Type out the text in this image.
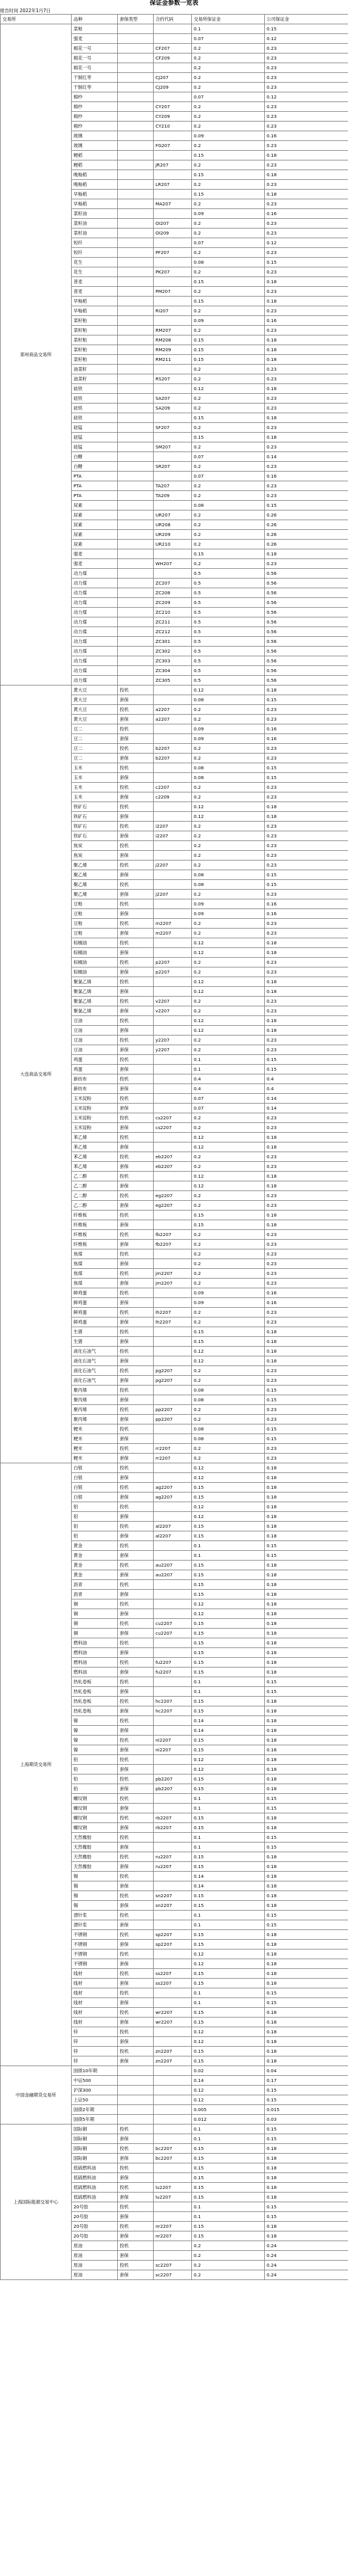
保证金参数一览表
报告时间 2022年1月7日
交易所	品种	套保类型	合约代码	交易所保证金	公司保证金
郑州商品交易所	菜粕			0.1	0.15
	强麦			0.07	0.12
	棉花一号		CF207	0.2	0.23
	棉花一号		CF209	0.2	0.23
	棉花一号			0.2	0.23
	干制红枣		CJ207	0.2	0.23
	干制红枣		CJ209	0.2	0.23
	棉纱			0.07	0.12
	棉纱		CY207	0.2	0.23
	棉纱		CY209	0.2	0.23
	棉纱		CY210	0.2	0.23
	玻璃			0.09	0.16
	玻璃		FG207	0.2	0.23
	粳稻			0.15	0.18
	粳稻		JR207	0.2	0.23
	晚籼稻			0.15	0.18
	晚籼稻		LR207	0.2	0.23
	早籼稻			0.15	0.18
	早籼稻		MA207	0.2	0.23
	菜籽油			0.09	0.16
	菜籽油		OI207	0.2	0.23
	菜籽油		OI209	0.2	0.23
	短纤			0.07	0.12
	短纤		PF207	0.2	0.23
	花生			0.08	0.15
	花生		PK207	0.2	0.23
	普麦			0.15	0.18
	普麦		PM207	0.2	0.23
	早籼稻			0.15	0.18
	早籼稻		RI207	0.2	0.23
	菜籽粕			0.09	0.16
	菜籽粕		RM207	0.2	0.23
	菜籽粕		RM208	0.15	0.18
	菜籽粕		RM209	0.15	0.18
	菜籽粕		RM211	0.15	0.18
	油菜籽			0.2	0.23
	油菜籽		RS207	0.2	0.23
	硅铁			0.12	0.18
	硅铁		SA207	0.2	0.23
	硅铁		SA209	0.2	0.23
	硅铁			0.15	0.18
	硅锰		SF207	0.2	0.23
	硅锰			0.15	0.18
	硅锰		SM207	0.2	0.23
	白糖			0.07	0.14
	白糖		SR207	0.2	0.23
	PTA			0.07	0.16
	PTA		TA207	0.2	0.23
	PTA		TA209	0.2	0.23
	尿素			0.08	0.15
	尿素		UR207	0.2	0.26
	尿素		UR208	0.2	0.26
	尿素		UR209	0.2	0.26
	尿素		UR210	0.2	0.26
	强麦			0.15	0.18
	强麦		WH207	0.2	0.23
	动力煤			0.5	0.56
	动力煤		ZC207	0.5	0.56
	动力煤		ZC208	0.5	0.56
	动力煤		ZC209	0.5	0.56
	动力煤		ZC210	0.5	0.56
	动力煤		ZC211	0.5	0.56
	动力煤		ZC212	0.5	0.56
	动力煤		ZC301	0.5	0.56
	动力煤		ZC302	0.5	0.56
	动力煤		ZC303	0.5	0.56
	动力煤		ZC304	0.5	0.56
	动力煤		ZC305	0.5	0.56
大连商品交易所	黄大豆	投机		0.12	0.18
	黄大豆	套保		0.08	0.15
	黄大豆	投机	a2207	0.2	0.23
	黄大豆	套保	a2207	0.2	0.23
	豆二	投机		0.09	0.16
	豆二	套保		0.09	0.16
	豆二	投机	b2207	0.2	0.23
	豆二	套保	b2207	0.2	0.23
	玉米	投机		0.08	0.15
	玉米	套保		0.08	0.15
	玉米	投机	c2207	0.2	0.23
	玉米	套保	c2209	0.2	0.23
	铁矿石	投机		0.12	0.18
	铁矿石	套保		0.12	0.18
	铁矿石	投机	i2207	0.2	0.23
	铁矿石	套保	i2207	0.2	0.23
	焦炭	投机		0.2	0.23
	焦炭	套保		0.2	0.23
	聚乙烯	投机	j2207	0.2	0.23
	聚乙烯	套保		0.08	0.15
	聚乙烯	投机		0.08	0.15
	聚乙烯	套保	j2207	0.2	0.23
	豆粕	投机		0.09	0.16
	豆粕	套保		0.09	0.16
	豆粕	投机	m2207	0.2	0.23
	豆粕	套保	m2207	0.2	0.23
	棕榈油	投机		0.12	0.18
	棕榈油	套保		0.12	0.18
	棕榈油	投机	p2207	0.2	0.23
	棕榈油	套保	p2207	0.2	0.23
	聚氯乙烯	投机		0.12	0.18
	聚氯乙烯	套保		0.12	0.18
	聚氯乙烯	投机	v2207	0.2	0.23
	聚氯乙烯	套保	v2207	0.2	0.23
	豆油	投机		0.12	0.18
	豆油	套保		0.12	0.18
	豆油	投机	y2207	0.2	0.23
	豆油	套保	y2207	0.2	0.23
	鸡蛋	投机		0.1	0.15
	鸡蛋	套保		0.1	0.15
	新纺布	投机		0.4	0.4
	新纺布	套保		0.4	0.4
	玉米淀粉	投机		0.07	0.14
	玉米淀粉	套保		0.07	0.14
	玉米淀粉	投机	cs2207	0.2	0.23
	玉米淀粉	套保	cs2207	0.2	0.23
	苯乙烯	投机		0.12	0.18
	苯乙烯	套保		0.12	0.18
	苯乙烯	投机	eb2207	0.2	0.23
	苯乙烯	套保	eb2207	0.2	0.23
	乙二醇	投机		0.12	0.18
	乙二醇	套保		0.12	0.18
	乙二醇	投机	eg2207	0.2	0.23
	乙二醇	套保	eg2207	0.2	0.23
	纤维板	投机		0.15	0.18
	纤维板	套保		0.15	0.18
	纤维板	投机	fb2207	0.2	0.23
	纤维板	套保	fb2207	0.2	0.23
	焦煤	投机		0.2	0.23
	焦煤	套保		0.2	0.23
	焦煤	投机	jm2207	0.2	0.23
	焦煤	套保	jm2207	0.2	0.23
	鲜鸡蛋	投机		0.09	0.16
	鲜鸡蛋	套保		0.09	0.16
	鲜鸡蛋	投机	lh2207	0.2	0.23
	鲜鸡蛋	套保	lh2207	0.2	0.23
	生猪	投机		0.15	0.18
	生猪	套保		0.15	0.18
	液化石油气	投机		0.12	0.18
	液化石油气	套保		0.12	0.18
	液化石油气	投机	pg2207	0.2	0.23
	液化石油气	套保	pg2207	0.2	0.23
	聚丙烯	投机		0.08	0.15
	聚丙烯	套保		0.08	0.15
	聚丙烯	投机	pp2207	0.2	0.23
	聚丙烯	套保	pp2207	0.2	0.23
	粳米	投机		0.08	0.15
	粳米	套保		0.08	0.15
	粳米	投机	rr2207	0.2	0.23
	粳米	套保	rr2207	0.2	0.23
上海期货交易所	白银	投机		0.12	0.18
	白银	套保		0.12	0.18
	白银	投机	ag2207	0.15	0.18
	白银	套保	ag2207	0.15	0.18
	铝	投机		0.12	0.18
	铝	套保		0.12	0.18
	铝	投机	al2207	0.15	0.18
	铝	套保	al2207	0.15	0.18
	黄金	投机		0.1	0.15
	黄金	套保		0.1	0.15
	黄金	投机	au2207	0.15	0.18
	黄金	套保	au2207	0.15	0.18
	沥青	投机		0.15	0.18
	沥青	套保		0.15	0.18
	铜	投机		0.12	0.18
	铜	套保		0.12	0.18
	铜	投机	cu2207	0.15	0.18
	铜	套保	cu2207	0.15	0.18
	燃料油	投机		0.15	0.18
	燃料油	套保		0.15	0.18
	燃料油	投机	fu2207	0.15	0.18
	燃料油	套保	fu2207	0.15	0.18
	热轧卷板	投机		0.1	0.15
	热轧卷板	套保		0.1	0.15
	热轧卷板	投机	hc2207	0.15	0.18
	热轧卷板	套保	hc2207	0.15	0.18
	镍	投机		0.14	0.18
	镍	套保		0.14	0.18
	镍	投机	ni2207	0.15	0.18
	镍	套保	ni2207	0.15	0.18
	铅	投机		0.12	0.18
	铅	套保		0.12	0.18
	铅	投机	pb2207	0.15	0.18
	铅	套保	pb2207	0.15	0.18
	螺纹钢	投机		0.1	0.15
	螺纹钢	套保		0.1	0.15
	螺纹钢	投机	rb2207	0.15	0.18
	螺纹钢	套保	rb2207	0.15	0.18
	天然橡胶	投机		0.1	0.15
	天然橡胶	套保		0.1	0.15
	天然橡胶	投机	ru2207	0.15	0.18
	天然橡胶	套保	ru2207	0.15	0.18
	锡	投机		0.14	0.18
	锡	套保		0.14	0.18
	锡	投机	sn2207	0.15	0.18
	锡	套保	sn2207	0.15	0.18
	漂针浆	投机		0.1	0.15
	漂针浆	套保		0.1	0.15
	不锈钢	投机	sp2207	0.15	0.18
	不锈钢	套保	sp2207	0.15	0.18
	不锈钢	投机		0.12	0.18
	不锈钢	套保		0.12	0.18
	线材	投机	ss2207	0.15	0.18
	线材	套保	ss2207	0.15	0.18
	线材	投机		0.1	0.15
	线材	套保		0.1	0.15
	线材	投机	wr2207	0.15	0.18
	线材	套保	wr2207	0.15	0.18
	锌	投机		0.12	0.18
	锌	套保		0.12	0.18
	锌	投机	zn2207	0.15	0.18
	锌	套保	zn2207	0.15	0.18
中国金融期货交易所	国债10年期			0.02	0.04
	中证500			0.14	0.17
	沪深300			0.12	0.15
	上证50			0.12	0.15
	国债2年期			0.005	0.015
	国债5年期			0.012	0.03
上海国际能源交易中心	国际铜	投机		0.1	0.15
	国际铜	套保		0.1	0.15
	国际铜	投机	bc2207	0.15	0.18
	国际铜	套保	bc2207	0.15	0.18
	低硫燃料油	投机		0.15	0.18
	低硫燃料油	套保		0.15	0.18
	低硫燃料油	投机	lu2207	0.15	0.18
	低硫燃料油	套保	lu2207	0.15	0.18
	20号胶	投机		0.1	0.15
	20号胶	套保		0.1	0.15
	20号胶	投机	nr2207	0.15	0.18
	20号胶	套保	nr2207	0.15	0.18
	原油	投机		0.2	0.24
	原油	套保		0.2	0.24
	原油	投机	sc2207	0.2	0.24
	原油	套保	sc2207	0.2	0.24
